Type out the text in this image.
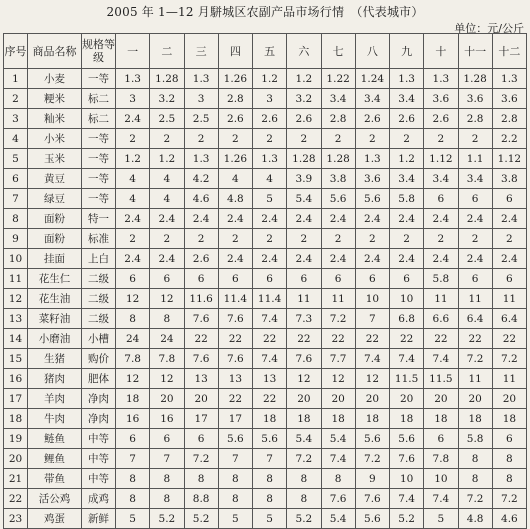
2005 年 1—12 月駢城区农副产品市场行情　（代表城市）
单位：元/公斤
序号	商品名称	规格等级	一	二	三	四	五	六	七	八	九	十	十一	十二
1	小麦	一等	1.3	1.28	1.3	1.26	1.2	1.2	1.22	1.24	1.3	1.3	1.28	1.3
2	粳米	标二	3	3.2	3	2.8	3	3.2	3.4	3.4	3.4	3.6	3.6	3.6
3	籼米	标二	2.4	2.5	2.5	2.6	2.6	2.6	2.8	2.6	2.6	2.6	2.8	2.8
4	小米	一等	2	2	2	2	2	2	2	2	2	2	2	2.2
5	玉米	一等	1.2	1.2	1.3	1.26	1.3	1.28	1.28	1.3	1.2	1.12	1.1	1.12
6	黄豆	一等	4	4	4.2	4	4	3.9	3.8	3.6	3.4	3.4	3.4	3.8
7	绿豆	一等	4	4	4.6	4.8	5	5.4	5.6	5.6	5.8	6	6	6
8	面粉	特一	2.4	2.4	2.4	2.4	2.4	2.4	2.4	2.4	2.4	2.4	2.4	2.4
9	面粉	标准	2	2	2	2	2	2	2	2	2	2	2	2
10	挂面	上白	2.4	2.4	2.6	2.4	2.4	2.4	2.4	2.4	2.4	2.4	2.4	2.4
11	花生仁	二级	6	6	6	6	6	6	6	6	6	5.8	6	6
12	花生油	二级	12	12	11.6	11.4	11.4	11	11	10	10	11	11	11
13	菜籽油	二级	8	8	7.6	7.6	7.4	7.3	7.2	7	6.8	6.6	6.4	6.4
14	小磨油	小槽	24	24	22	22	22	22	22	22	22	22	22	22
15	生猪	购价	7.8	7.8	7.6	7.6	7.4	7.6	7.7	7.4	7.4	7.4	7.2	7.2
16	猪肉	肥体	12	12	13	13	13	12	12	12	11.5	11.5	11	11
17	羊肉	净肉	18	20	20	22	22	20	20	20	20	20	20	20
18	牛肉	净肉	16	16	17	17	18	18	18	18	18	18	18	18
19	鲢鱼	中等	6	6	6	5.6	5.6	5.4	5.4	5.6	5.6	6	5.8	6
20	鲤鱼	中等	7	7	7.2	7	7	7.2	7.4	7.2	7.6	7.8	8	8
21	带鱼	中等	8	8	8	8	8	8	8	9	10	10	8	8
22	活公鸡	成鸡	8	8	8.8	8	8	8	7.6	7.6	7.4	7.4	7.2	7.2
23	鸡蛋	新鲜	5	5.2	5.2	5	5	5.2	5.4	5.6	5.2	5	4.8	4.6
